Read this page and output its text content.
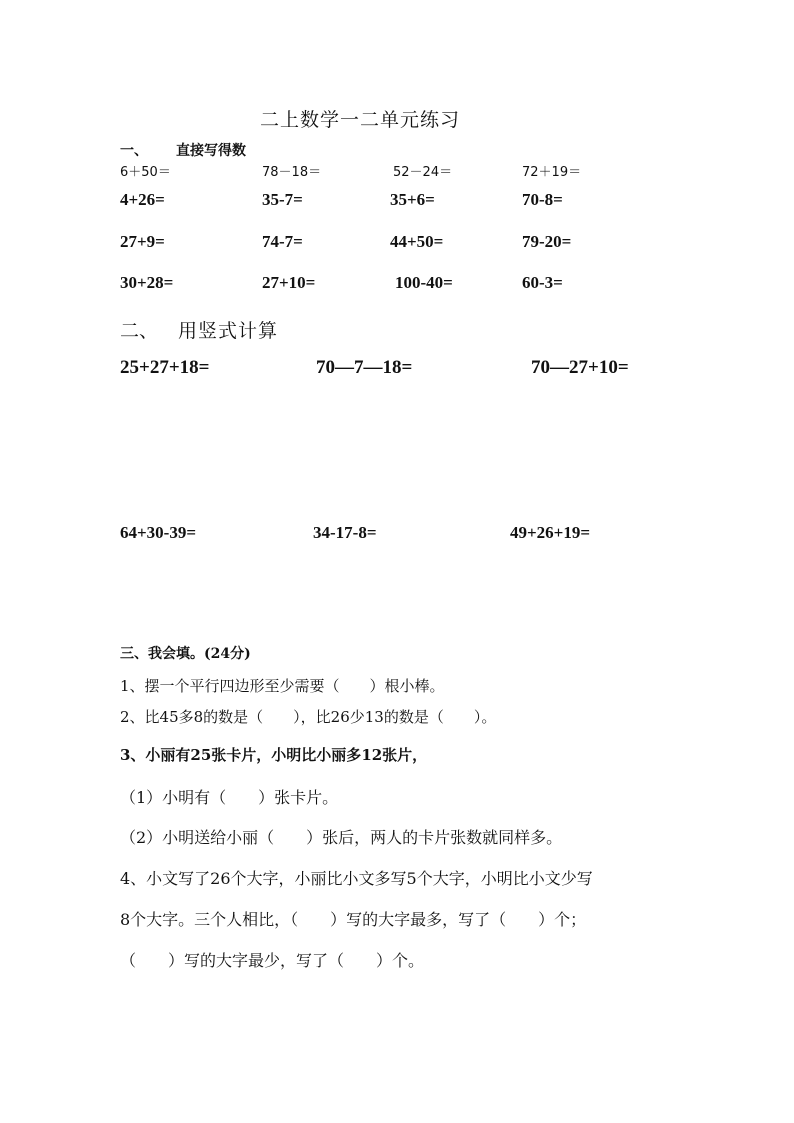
二上数学一二单元练习
一、 直接写得数
6＋50＝	78－18＝	52－24＝	72＋19＝
4+26=	35-7=	35+6=	70-8=
27+9=	74-7=	44+50=	79-20=
30+28=	27+10=	100-40=	60-3=
二、 用竖式计算
25+27+18=	70—7—18=	70—27+10=
64+30-39=	34-17-8=	49+26+19=
三、我会填。(24分)
1、摆一个平行四边形至少需要（　　）根小棒。
2、比45多8的数是（　　），比26少13的数是（　　）。
3、小丽有25张卡片，小明比小丽多12张片，
（1）小明有（　　）张卡片。
（2）小明送给小丽（　　）张后，两人的卡片张数就同样多。
4、小文写了26个大字，小丽比小文多写5个大字，小明比小文少写
8个大字。三个人相比，（　　）写的大字最多，写了（　　）个；
（　　）写的大字最少，写了（　　）个。
